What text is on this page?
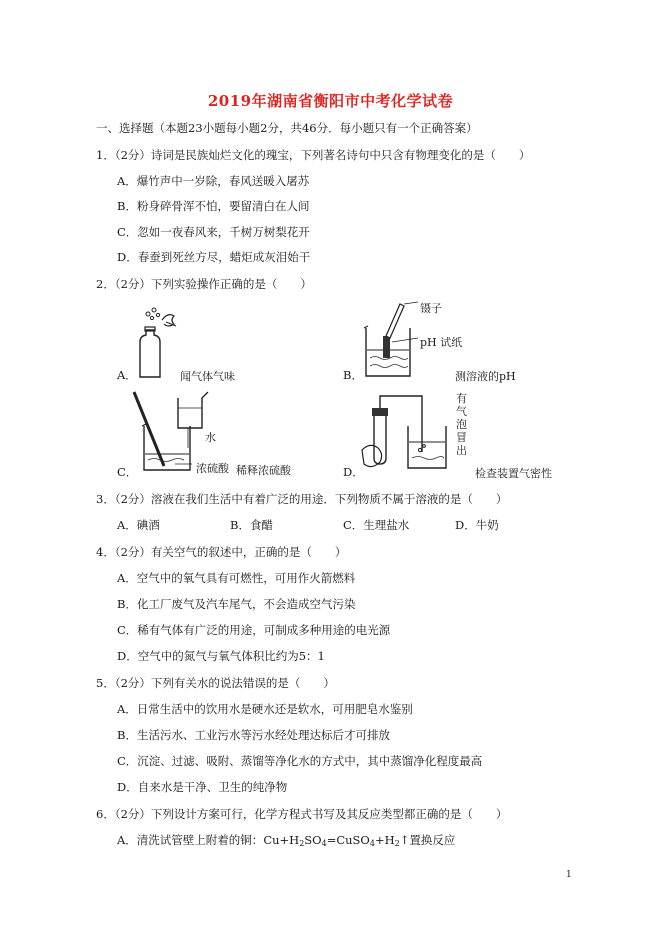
2019年湖南省衡阳市中考化学试卷
一、选择题（本题23小题每小题2分，共46分．每小题只有一个正确答案）
1．（2分）诗词是民族灿烂文化的瑰宝，下列著名诗句中只含有物理变化的是（　　）
A．爆竹声中一岁除，春风送暖入屠苏
B．粉身碎骨浑不怕，要留清白在人间
C．忽如一夜春风来，千树万树梨花开
D．春蚕到死丝方尽，蜡炬成灰泪始干
2．（2分）下列实验操作正确的是（　　）
A．	闻气体气味
镊子
pH 试纸
B．	测溶液的pH
水
浓硫酸
C．	稀释浓硫酸
有
气
泡
冒
出
D．	检查装置气密性
3．（2分）溶液在我们生活中有着广泛的用途．下列物质不属于溶液的是（　　）
A．碘酒	B．食醋	C．生理盐水	D．牛奶
4．（2分）有关空气的叙述中，正确的是（　　）
A．空气中的氧气具有可燃性，可用作火箭燃料
B．化工厂废气及汽车尾气，不会造成空气污染
C．稀有气体有广泛的用途，可制成多种用途的电光源
D．空气中的氮气与氧气体积比约为5：1
5．（2分）下列有关水的说法错误的是（　　）
A．日常生活中的饮用水是硬水还是软水，可用肥皂水鉴别
B．生活污水、工业污水等污水经处理达标后才可排放
C．沉淀、过滤、吸附、蒸馏等净化水的方式中，其中蒸馏净化程度最高
D．自来水是干净、卫生的纯净物
6．（2分）下列设计方案可行，化学方程式书写及其反应类型都正确的是（　　）
A．清洗试管壁上附着的铜：$Cu+H_2SO_4=CuSO_4+H_2↑$置换反应
1
